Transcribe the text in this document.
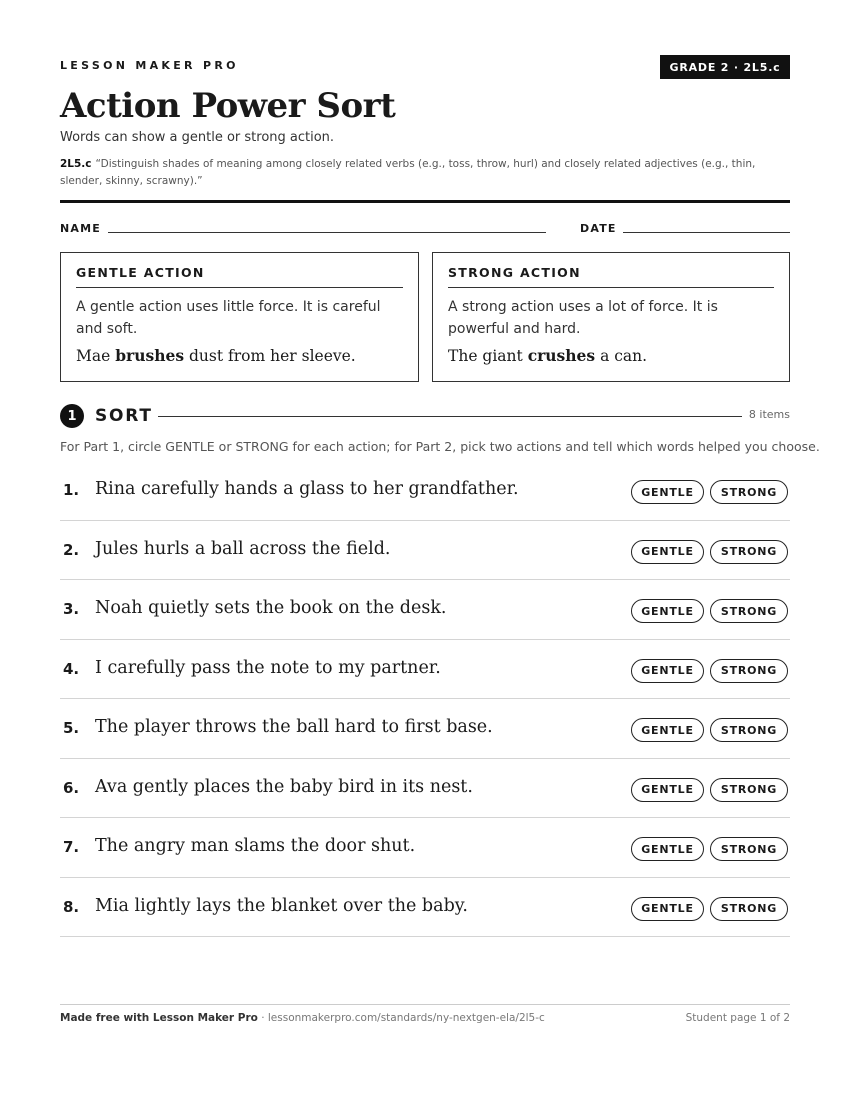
LESSON MAKER PRO	GRADE 2 · 2L5.c
Action Power Sort
Words can show a gentle or strong action.
2L5.c “Distinguish shades of meaning among closely related verbs (e.g., toss, throw, hurl) and closely related adjectives (e.g., thin, slender, skinny, scrawny).”
NAME	DATE
GENTLE ACTION
A gentle action uses little force. It is careful and soft.
Mae brushes dust from her sleeve.
STRONG ACTION
A strong action uses a lot of force. It is powerful and hard.
The giant crushes a can.
1	SORT	8 items
For Part 1, circle GENTLE or STRONG for each action; for Part 2, pick two actions and tell which words helped you choose.
1. Rina carefully hands a glass to her grandfather.	GENTLE	STRONG
2. Jules hurls a ball across the field.	GENTLE	STRONG
3. Noah quietly sets the book on the desk.	GENTLE	STRONG
4. I carefully pass the note to my partner.	GENTLE	STRONG
5. The player throws the ball hard to first base.	GENTLE	STRONG
6. Ava gently places the baby bird in its nest.	GENTLE	STRONG
7. The angry man slams the door shut.	GENTLE	STRONG
8. Mia lightly lays the blanket over the baby.	GENTLE	STRONG
Made free with Lesson Maker Pro · lessonmakerpro.com/standards/ny-nextgen-ela/2l5-c	Student page 1 of 2
